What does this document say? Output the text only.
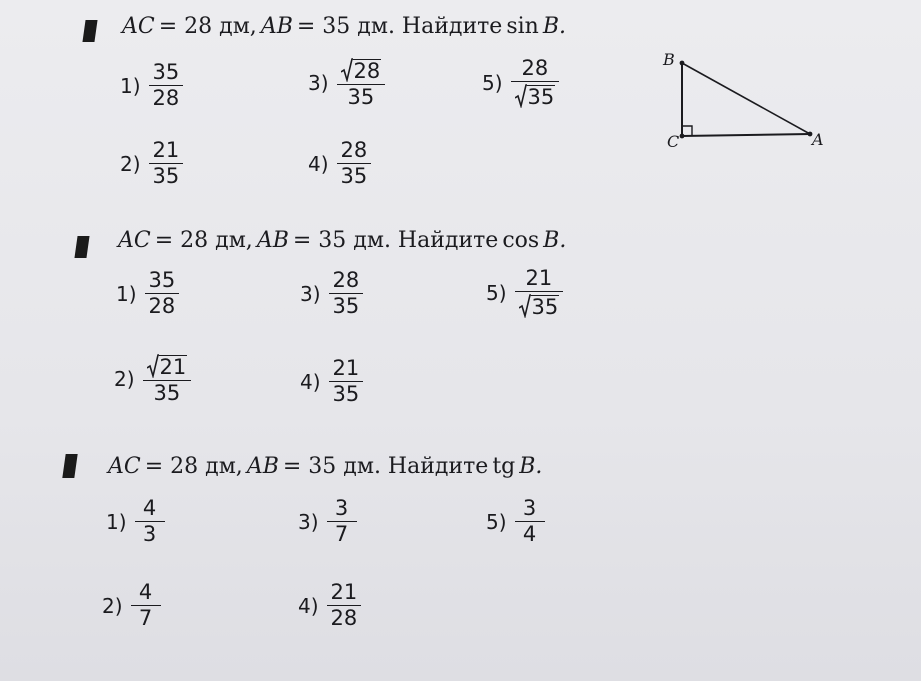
AC = 28 дм, AB = 35 дм. Найдите sin B.
$1) \frac{35}{28}$	$3) \frac{28}{35}$	$5) \frac{28}{35}$
$2) \frac{21}{35}$	$4) \frac{28}{35}$
AC = 28 дм, AB = 35 дм. Найдите cos B.
$1) \frac{35}{28}$	$3) \frac{28}{35}$	$5) \frac{21}{35}$
$2) \frac{21}{35}$	$4) \frac{21}{35}$
AC = 28 дм, AB = 35 дм. Найдите tg B.
$1) \frac{4}{3}$	$3) \frac{3}{7}$	$5) \frac{3}{4}$
$2) \frac{4}{7}$	$4) \frac{21}{28}$
B
C	A
